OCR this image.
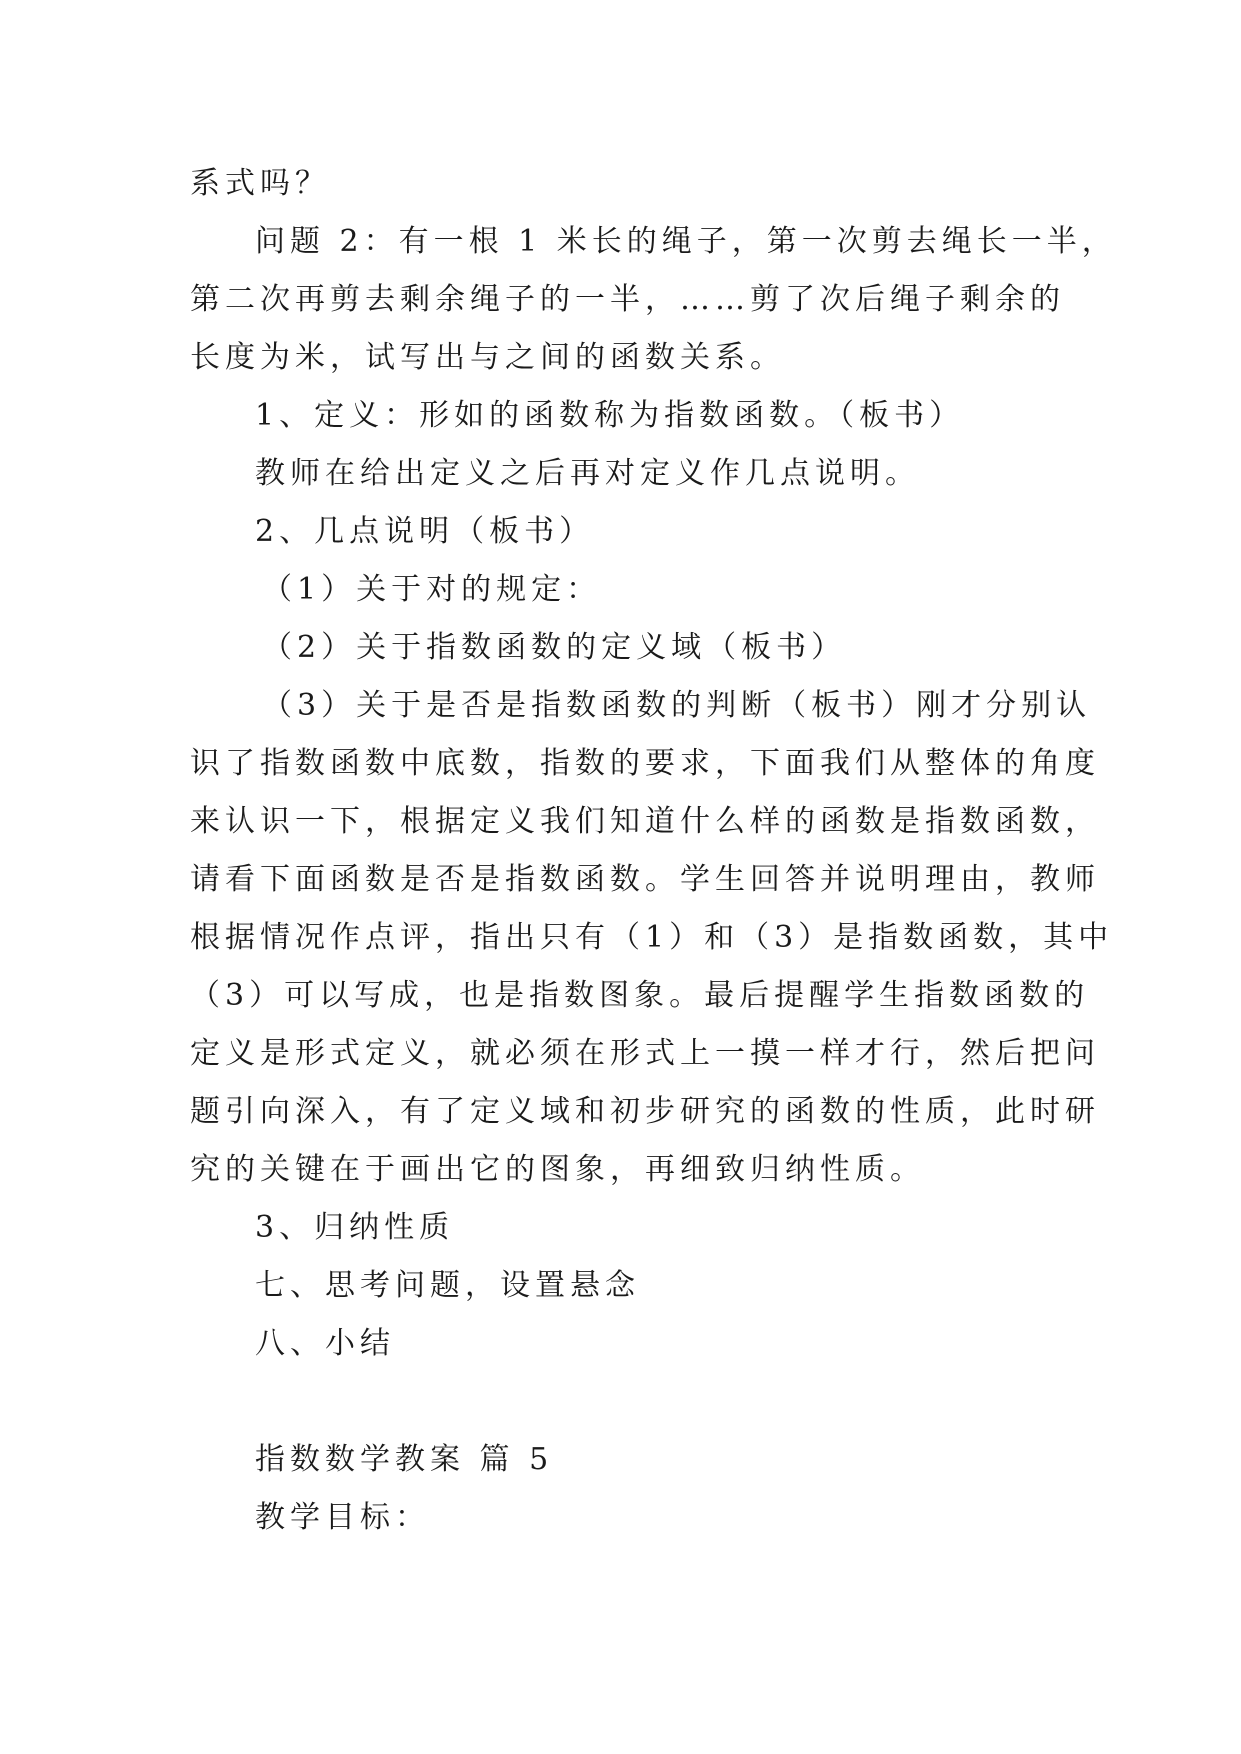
系式吗？
问题 2：有一根 1 米长的绳子，第一次剪去绳长一半，
第二次再剪去剩余绳子的一半，……剪了次后绳子剩余的
长度为米，试写出与之间的函数关系。
1、定义：形如的函数称为指数函数。（板书）
教师在给出定义之后再对定义作几点说明。
2、几点说明（板书）
（1）关于对的规定：
（2）关于指数函数的定义域（板书）
（3）关于是否是指数函数的判断（板书）刚才分别认
识了指数函数中底数，指数的要求，下面我们从整体的角度
来认识一下，根据定义我们知道什么样的函数是指数函数，
请看下面函数是否是指数函数。学生回答并说明理由，教师
根据情况作点评，指出只有（1）和（3）是指数函数，其中
（3）可以写成，也是指数图象。最后提醒学生指数函数的
定义是形式定义，就必须在形式上一摸一样才行，然后把问
题引向深入，有了定义域和初步研究的函数的性质，此时研
究的关键在于画出它的图象，再细致归纳性质。
3、归纳性质
七、思考问题，设置悬念
八、小结
指数数学教案 篇 5
教学目标：
